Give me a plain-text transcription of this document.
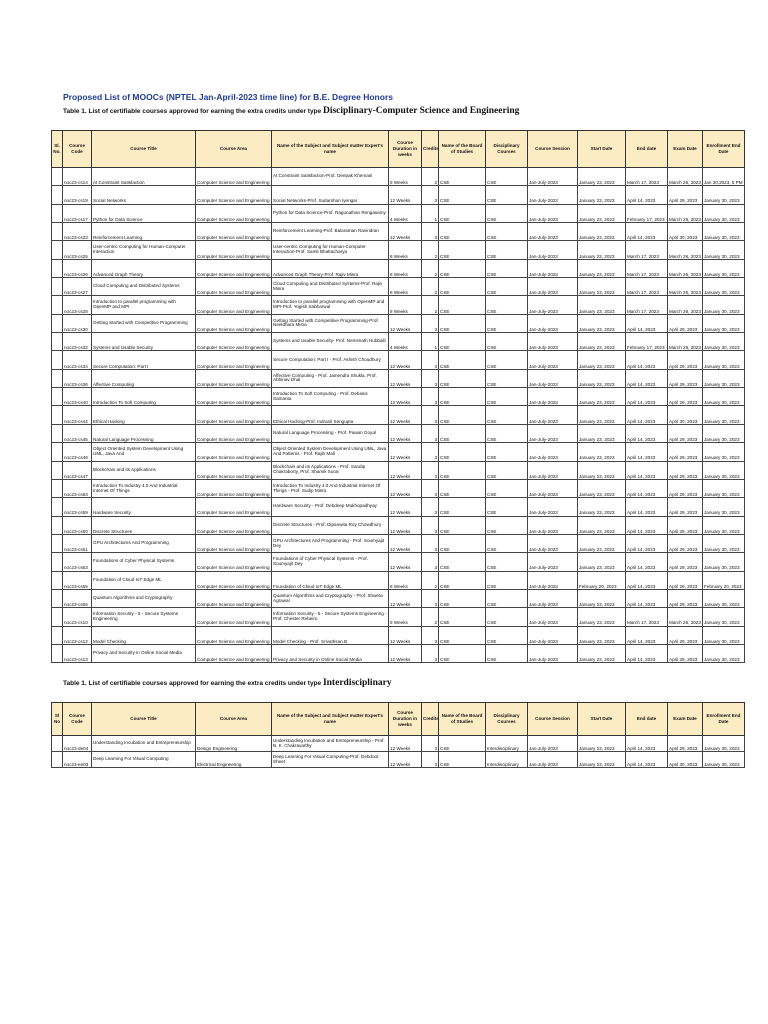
Proposed List of MOOCs (NPTEL Jan-April-2023 time line) for B.E. Degree Honors
Table 1. List of certifiable courses approved for earning the extra credits under type Disciplinary-Computer Science and Engineering
Sl. No.	Course Code	Course Title	Course Area	Name of the Subject and Subject matter Expert's name	Course Duration in weeks	Credits	Name of the Board of Studies	Disciplinary Courses	Course Session	Start Date	End date	Exam Date	Enrollment End Date
	noc23-cs14	AI:Constraint Satisfaction	Computer Science and Engineering	AI:Constraint Satisfaction-Prof. Deepak Khemani	8 Weeks	2	CSE	CSE	Jan-July-2023	January 23, 2023	March 17, 2023	March 26, 2023	Jan 30,2023, 5 PM
	noc23-cs19	Social Networks	Computer Science and Engineering	Social Networks-Prof. Sudarshan Iyengar	12 Weeks	3	CSE	CSE	Jan-July-2023	January 23, 2023	April 14, 2023	April 29, 2023	January 30, 2023
	noc23-cs17	Python for Data Science	Computer Science and Engineering	Python for Data Science-Prof. Ragunathan Rengasamy	4 Weeks	1	CSE	CSE	Jan-July-2023	January 23, 2023	February 17, 2023	March 26, 2023	January 30, 2023
	noc23-cs23	Reinforcement Learning	Computer Science and Engineering	Reinforcement Learning-Prof. Balaraman Ravindran	12 Weeks	3	CSE	CSE	Jan-July-2023	January 23, 2023	April 14, 2023	April 30, 2023	January 30, 2023
	noc23-cs25	User-centric Computing for Human-Computer Interaction	Computer Science and Engineering	User-centric Computing for Human-Computer Interaction-Prof. Samit Bhattacharya	8 Weeks	2	CSE	CSE	Jan-July-2023	January 23, 2023	March 17, 2023	March 26, 2023	January 30, 2023
	noc23-cs26	Advanced Graph Theory	Computer Science and Engineering	Advanced Graph Theory-Prof. Rajiv Misra	8 Weeks	2	CSE	CSE	Jan-July-2023	January 23, 2023	March 17, 2023	March 26, 2023	January 30, 2023
	noc23-cs27	Cloud Computing and Distributed Systems	Computer Science and Engineering	Cloud Computing and Distributed Systems-Prof. Rajiv Misra	8 Weeks	2	CSE	CSE	Jan-July-2023	January 23, 2023	March 17, 2023	March 26, 2023	January 30, 2023
	noc23-cs28	Introduction to parallel programming with OpenMP and MPI	Computer Science and Engineering	Introduction to parallel programming with OpenMP and MPI-Prof. Yogish Sabharwal	8 Weeks	2	CSE	CSE	Jan-July-2023	January 23, 2023	March 17, 2023	March 26, 2023	January 30, 2023
	noc23-cs30	Getting Started with Competitive Programming	Computer Science and Engineering	Getting Started with Competitive Programming-Prof. Neeldhara Misra	12 Weeks	3	CSE	CSE	Jan-July-2023	January 23, 2023	April 14, 2023	April 29, 2023	January 30, 2023
	noc23-cs32	Systems and Usable Security	Computer Science and Engineering	Systems and Usable Security- Prof. Nemimath Hubballi	4 Weeks	1	CSE	CSE	Jan-July-2023	January 23, 2023	February 17, 2023	March 26, 2023	January 30, 2023
	noc23-cs34	Secure Computation: Part I	Computer Science and Engineering	Secure Computation: Part I - Prof. Ashish Choudhury	12 Weeks	3	CSE	CSE	Jan-July-2023	January 23, 2023	April 14, 2023	April 29, 2023	January 30, 2023
	noc23-cs36	Affective Computing	Computer Science and Engineering	Affective Computing - Prof. Jainendra Shukla, Prof. Abhinav Dhal	12 Weeks	3	CSE	CSE	Jan-July-2023	January 23, 2023	April 14, 2023	April 29, 2023	January 30, 2023
	noc23-cs40	Introduction To Soft Computing	Computer Science and Engineering	Introduction To Soft Computing - Prof. Debasis Samanta	12 Weeks	3	CSE	CSE	Jan-July-2023	January 23, 2023	April 14, 2023	April 29, 2023	January 30, 2023
	noc23-cs44	Ethical Hacking	Computer Science and Engineering	Ethical Hacking-Prof. Indranil Sengupta	12 Weeks	3	CSE	CSE	Jan-July-2023	January 23, 2023	April 14, 2023	April 30, 2023	January 30, 2023
	noc23-cs45	Natural Language Processing	Computer Science and Engineering	Natural Language Processing - Prof. Pawan Goyal	12 Weeks	3	CSE	CSE	Jan-July-2023	January 23, 2023	April 14, 2023	April 29, 2023	January 30, 2023
	noc23-cs46	Object Oriented System Development Using UML, Java And	Computer Science and Engineering	Object Oriented System Development Using UML, Java And Patterns - Prof. Rajib Mall	12 Weeks	3	CSE	CSE	Jan-July-2023	January 23, 2023	April 14, 2023	April 29, 2023	January 30, 2023
	noc23-cs47	Blockchain and its Applications	Computer Science and Engineering	Blockchain and its Applications - Prof. Sandip Chakraborty, Prof. Shamik Sural	12 Weeks	3	CSE	CSE	Jan-July-2023	January 23, 2023	April 14, 2023	April 29, 2023	January 30, 2023
	noc23-cs53	Introduction To Industry 4.0 And Industrial Internet Of Things	Computer Science and Engineering	Introduction To Industry 4.0 And Industrial Internet Of Things - Prof. Sudip Misra	12 Weeks	3	CSE	CSE	Jan-July-2023	January 23, 2023	April 14, 2023	April 29, 2023	January 30, 2023
	noc23-cs59	Hardware Security	Computer Science and Engineering	Hardware Security - Prof. Debdeep Mukhopadhyay	12 Weeks	3	CSE	CSE	Jan-July-2023	January 23, 2023	April 14, 2023	April 29, 2023	January 30, 2023
	noc23-cs60	Discrete Structures	Computer Science and Engineering	Discrete Structures - Prof. Dipanwita Roy Chowdhury	12 Weeks	3	CSE	CSE	Jan-July-2023	January 23, 2023	April 14, 2023	April 29, 2023	January 30, 2023
	noc23-cs61	GPU Architectures And Programming	Computer Science and Engineering	GPU Architectures And Programming - Prof. Soumyajit Dey	12 Weeks	3	CSE	CSE	Jan-July-2023	January 23, 2023	April 14, 2023	April 29, 2023	January 30, 2023
	noc23-cs63	Foundations of Cyber Physical Systems	Computer Science and Engineering	Foundations of Cyber Physical Systems - Prof. Soumyajit Dey	12 Weeks	3	CSE	CSE	Jan-July-2023	January 23, 2023	April 14, 2023	April 29, 2023	January 30, 2023
	noc23-cs65	Foundation of Cloud IoT Edge ML	Computer Science and Engineering	Foundation of Cloud IoT Edge ML	8 Weeks	2	CSE	CSE	Jan-July-2023	February 20, 2023	April 14, 2023	April 29, 2023	February 20, 2023
	noc23-cs06	Quantum Algorithms and Cryptography	Computer Science and Engineering	Quantum Algorithms and Cryptography - Prof. Shweta Agrawal	12 Weeks	3	CSE	CSE	Jan-July-2023	January 23, 2023	April 14, 2023	April 29, 2023	January 30, 2023
	noc23-cs10	Information Security - 5 - Secure Systems Engineering	Computer Science and Engineering	Information Security - 5 - Secure Systems Engineering - Prof. Chester Rebeiro	8 Weeks	2	CSE	CSE	Jan-July-2023	January 23, 2023	March 17, 2023	March 26, 2023	January 30, 2023
	noc23-cs12	Model Checking	Computer Science and Engineering	Model Checking - Prof. Srivathsan.B	12 Weeks	3	CSE	CSE	Jan-July-2023	January 23, 2023	April 14, 2023	April 29, 2023	January 30, 2023
	noc23-cs13	Privacy and Security in Online Social Media	Computer Science and Engineering	Privacy and Security in Online Social Media	12 Weeks	3	CSE	CSE	Jan-July-2023	January 23, 2023	April 14, 2023	April 29, 2023	January 30, 2023
Table 1. List of certifiable courses approved for earning the extra credits under type Interdisciplinary
Sl No	Course Code	Course Title	Course Area	Name of the Subject and Subject matter Expert's name	Course Duration in weeks	Credits	Name of the Board of Studies	Disciplinary Courses	Course Session	Start Date	End date	Exam Date	Enrollment End Date
	noc23-de04	Understanding Incubation and Entrepreneurship	Design Engineering	Understanding Incubation and Entrepreneurship - Prof. B. K. Chakravarthy	12 Weeks	3	CSE	Interdisciplinary	Jan-July-2023	January 23, 2023	April 14, 2023	April 29, 2023	January 30, 2023
	noc23-ee03	Deep Learning For Visual Computing	Electrical Engineering	Deep Learning For Visual Computing-Prof. Debdoot Sheet	12 Weeks	3	CSE	Interdisciplinary	Jan-July-2023	January 23, 2023	April 14, 2023	April 30, 2023	January 30, 2023
